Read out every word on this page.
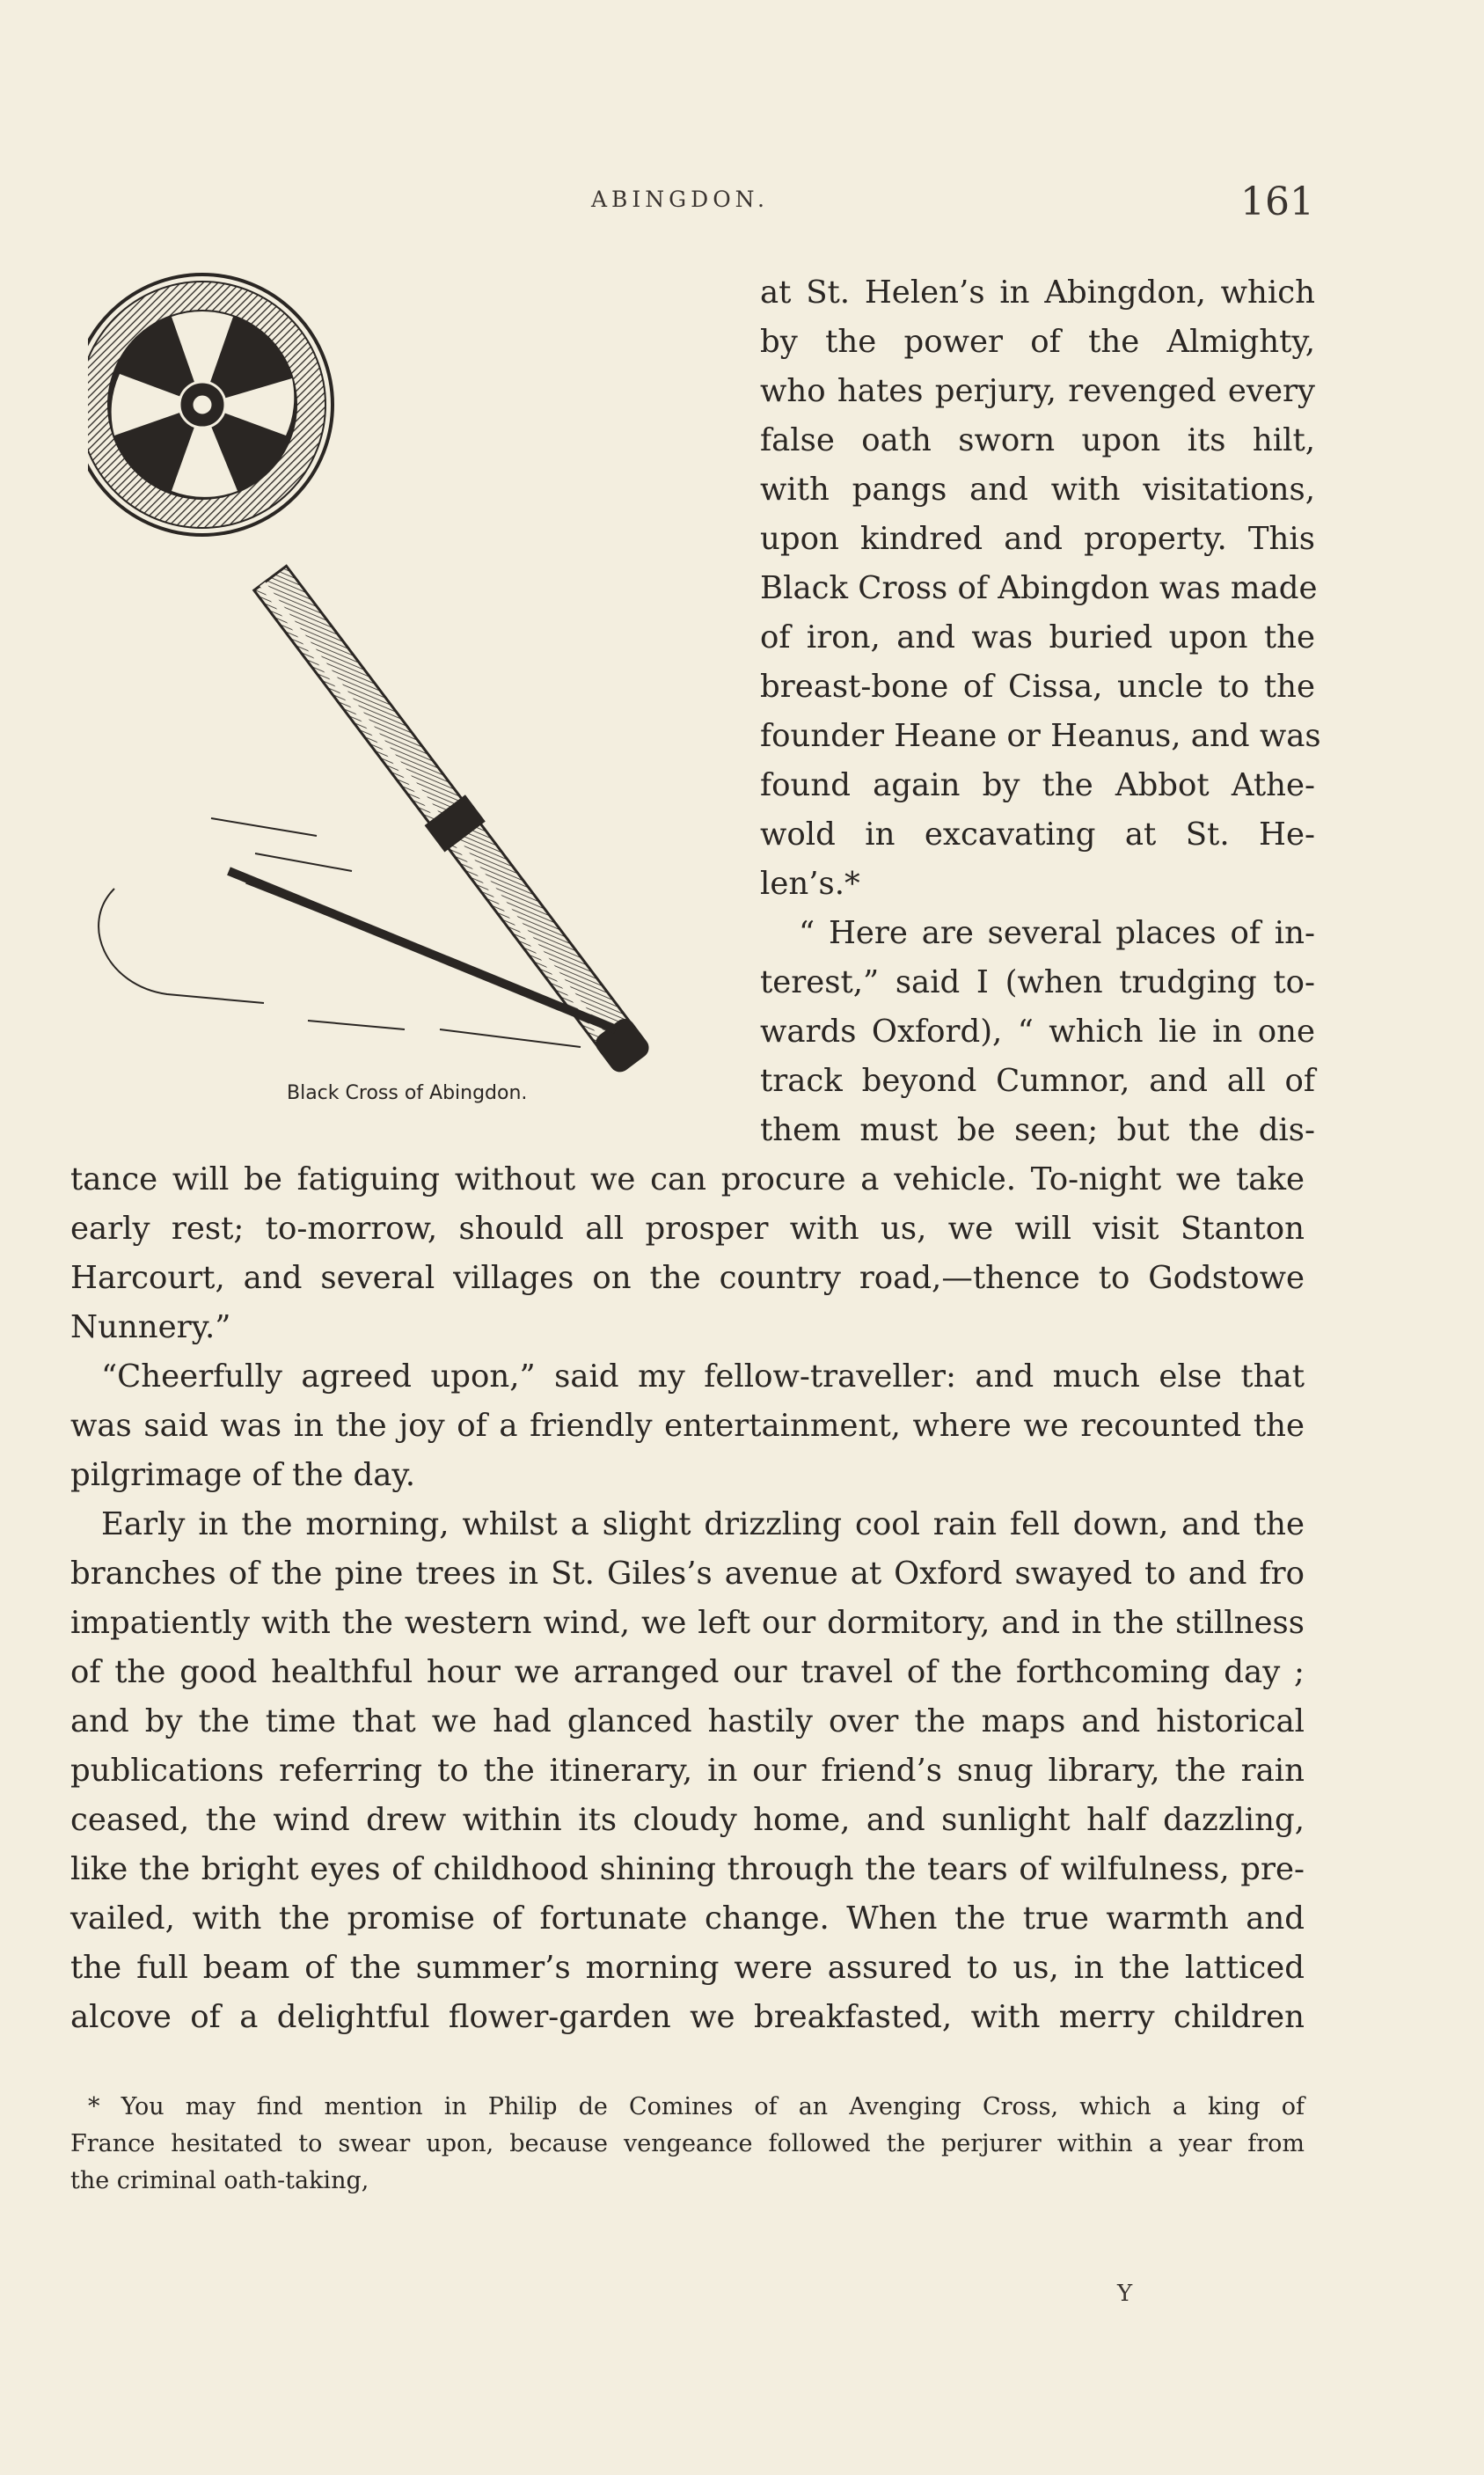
ABINGDON.	161
Black Cross of Abingdon.
at St. Helen’s in Abingdon, which
by the power of the Almighty,
who hates perjury, revenged every
false oath sworn upon its hilt,
with pangs and with visitations,
upon kindred and property. This
Black Cross of Abingdon was made
of iron, and was buried upon the
breast-bone of Cissa, uncle to the
founder Heane or Heanus, and was
found again by the Abbot Athe-
wold in excavating at St. He-
len’s.*
“ Here are several places of in-
terest,” said I (when trudging to-
wards Oxford), “ which lie in one
track beyond Cumnor, and all of
them must be seen; but the dis-
tance will be fatiguing without we can procure a vehicle. To-night we take
early rest; to-morrow, should all prosper with us, we will visit Stanton
Harcourt, and several villages on the country road,—thence to Godstowe
Nunnery.”
“Cheerfully agreed upon,” said my fellow-traveller: and much else that
was said was in the joy of a friendly entertainment, where we recounted the
pilgrimage of the day.
Early in the morning, whilst a slight drizzling cool rain fell down, and the
branches of the pine trees in St. Giles’s avenue at Oxford swayed to and fro
impatiently with the western wind, we left our dormitory, and in the stillness
of the good healthful hour we arranged our travel of the forthcoming day ;
and by the time that we had glanced hastily over the maps and historical
publications referring to the itinerary, in our friend’s snug library, the rain
ceased, the wind drew within its cloudy home, and sunlight half dazzling,
like the bright eyes of childhood shining through the tears of wilfulness, pre-
vailed, with the promise of fortunate change. When the true warmth and
the full beam of the summer’s morning were assured to us, in the latticed
alcove of a delightful flower-garden we breakfasted, with merry children
* You may find mention in Philip de Comines of an Avenging Cross, which a king of
France hesitated to swear upon, because vengeance followed the perjurer within a year from
the criminal oath-taking,
Y
